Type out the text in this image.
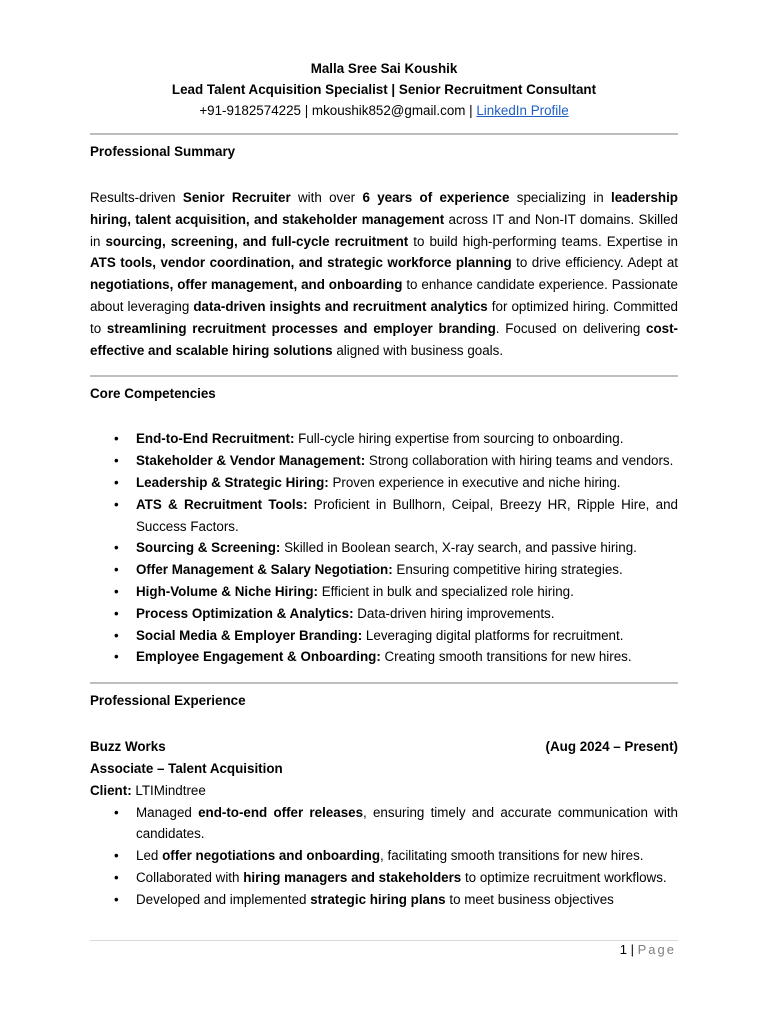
Malla Sree Sai Koushik
Lead Talent Acquisition Specialist | Senior Recruitment Consultant
+91-9182574225 | mkoushik852@gmail.com | LinkedIn Profile
Professional Summary
Results-driven Senior Recruiter with over 6 years of experience specializing in leadership hiring, talent acquisition, and stakeholder management across IT and Non-IT domains. Skilled in sourcing, screening, and full-cycle recruitment to build high-performing teams. Expertise in ATS tools, vendor coordination, and strategic workforce planning to drive efficiency. Adept at negotiations, offer management, and onboarding to enhance candidate experience. Passionate about leveraging data-driven insights and recruitment analytics for optimized hiring. Committed to streamlining recruitment processes and employer branding. Focused on delivering cost-effective and scalable hiring solutions aligned with business goals.
Core Competencies
• End-to-End Recruitment: Full-cycle hiring expertise from sourcing to onboarding.
• Stakeholder & Vendor Management: Strong collaboration with hiring teams and vendors.
• Leadership & Strategic Hiring: Proven experience in executive and niche hiring.
• ATS & Recruitment Tools: Proficient in Bullhorn, Ceipal, Breezy HR, Ripple Hire, and Success Factors.
• Sourcing & Screening: Skilled in Boolean search, X-ray search, and passive hiring.
• Offer Management & Salary Negotiation: Ensuring competitive hiring strategies.
• High-Volume & Niche Hiring: Efficient in bulk and specialized role hiring.
• Process Optimization & Analytics: Data-driven hiring improvements.
• Social Media & Employer Branding: Leveraging digital platforms for recruitment.
• Employee Engagement & Onboarding: Creating smooth transitions for new hires.
Professional Experience
Buzz Works	(Aug 2024 – Present)
Associate – Talent Acquisition
Client: LTIMindtree
• Managed end-to-end offer releases, ensuring timely and accurate communication with candidates.
• Led offer negotiations and onboarding, facilitating smooth transitions for new hires.
• Collaborated with hiring managers and stakeholders to optimize recruitment workflows.
• Developed and implemented strategic hiring plans to meet business objectives
1 | Page
